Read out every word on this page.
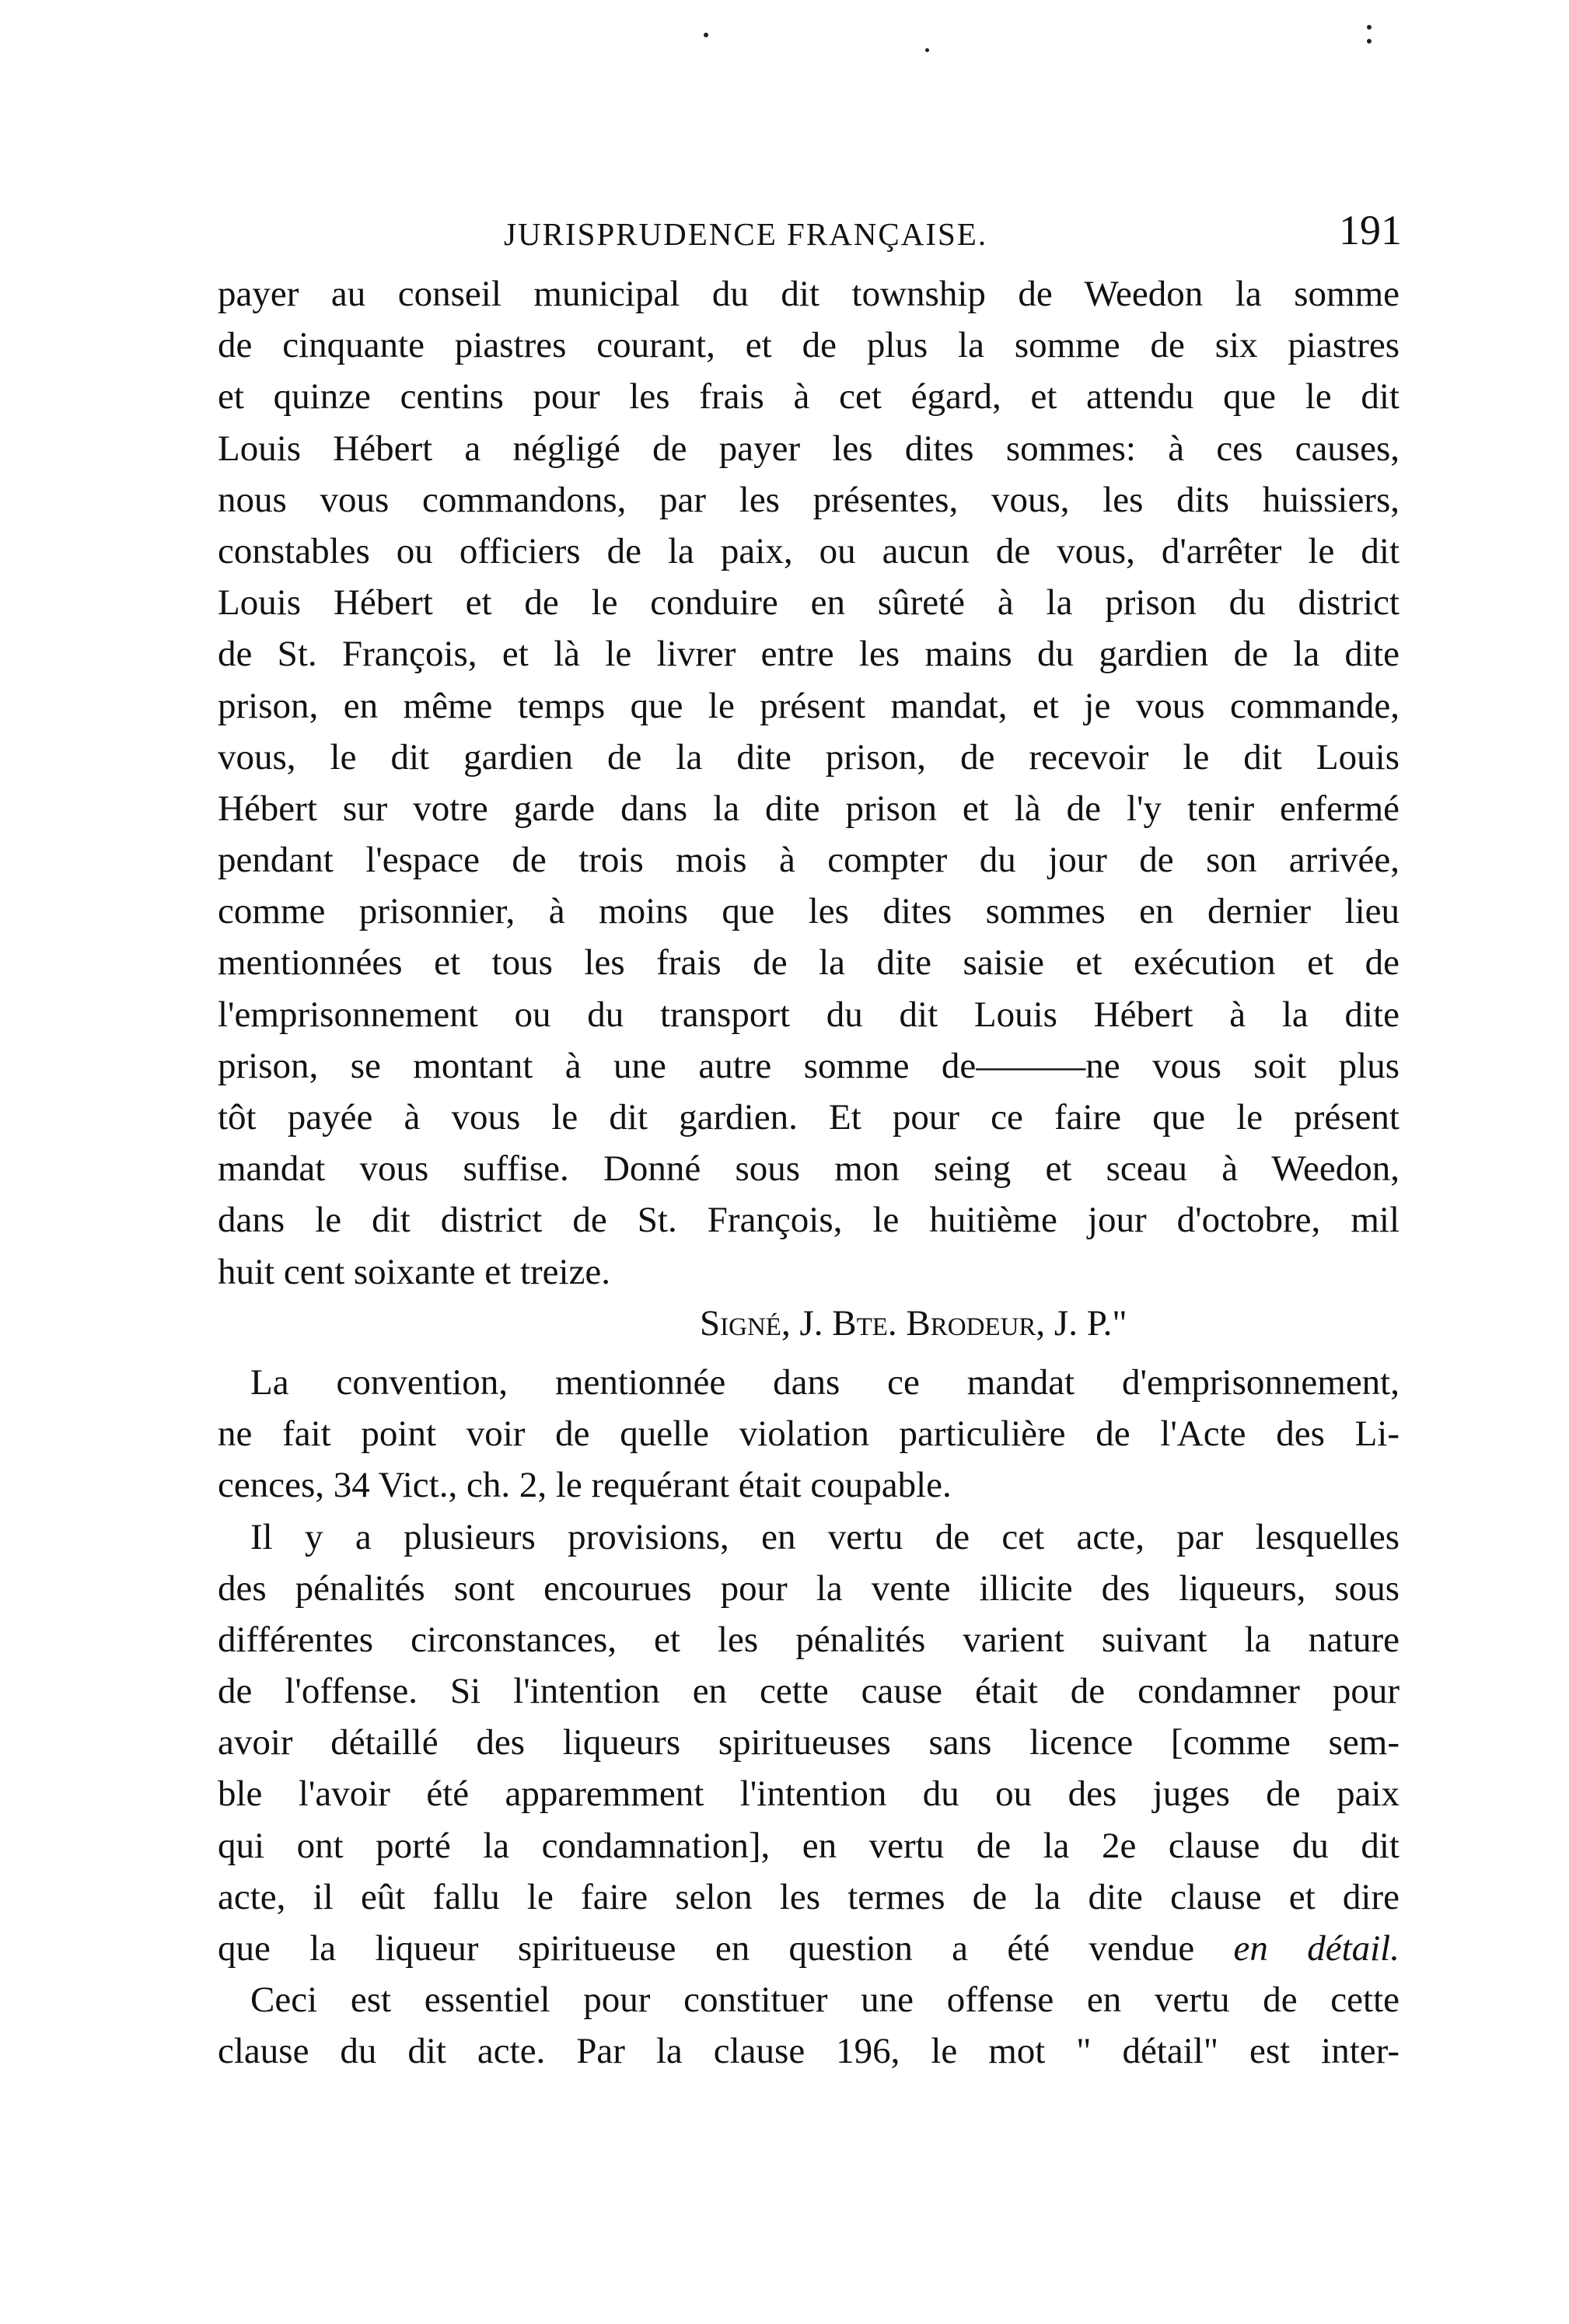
JURISPRUDENCE FRANÇAISE.	191
payer au conseil municipal du dit township de Weedon la somme
de cinquante piastres courant, et de plus la somme de six piastres
et quinze centins pour les frais à cet égard, et attendu que le dit
Louis Hébert a négligé de payer les dites sommes: à ces causes,
nous vous commandons, par les présentes, vous, les dits huissiers,
constables ou officiers de la paix, ou aucun de vous, d'arrêter le dit
Louis Hébert et de le conduire en sûreté à la prison du district
de St. François, et là le livrer entre les mains du gardien de la dite
prison, en même temps que le présent mandat, et je vous commande,
vous, le dit gardien de la dite prison, de recevoir le dit Louis
Hébert sur votre garde dans la dite prison et là de l'y tenir enfermé
pendant l'espace de trois mois à compter du jour de son arrivée,
comme prisonnier, à moins que les dites sommes en dernier lieu
mentionnées et tous les frais de la dite saisie et exécution et de
l'emprisonnement ou du transport du dit Louis Hébert à la dite
prison, se montant à une autre somme de———ne vous soit plus
tôt payée à vous le dit gardien. Et pour ce faire que le présent
mandat vous suffise. Donné sous mon seing et sceau à Weedon,
dans le dit district de St. François, le huitième jour d'octobre, mil
huit cent soixante et treize.
Signé, J. Bte. Brodeur, J. P."
La convention, mentionnée dans ce mandat d'emprisonnement,
ne fait point voir de quelle violation particulière de l'Acte des Li-
cences, 34 Vict., ch. 2, le requérant était coupable.
Il y a plusieurs provisions, en vertu de cet acte, par lesquelles
des pénalités sont encourues pour la vente illicite des liqueurs, sous
différentes circonstances, et les pénalités varient suivant la nature
de l'offense. Si l'intention en cette cause était de condamner pour
avoir détaillé des liqueurs spiritueuses sans licence [comme sem-
ble l'avoir été apparemment l'intention du ou des juges de paix
qui ont porté la condamnation], en vertu de la 2e clause du dit
acte, il eût fallu le faire selon les termes de la dite clause et dire
que la liqueur spiritueuse en question a été vendue en détail.
Ceci est essentiel pour constituer une offense en vertu de cette
clause du dit acte. Par la clause 196, le mot " détail" est inter-
